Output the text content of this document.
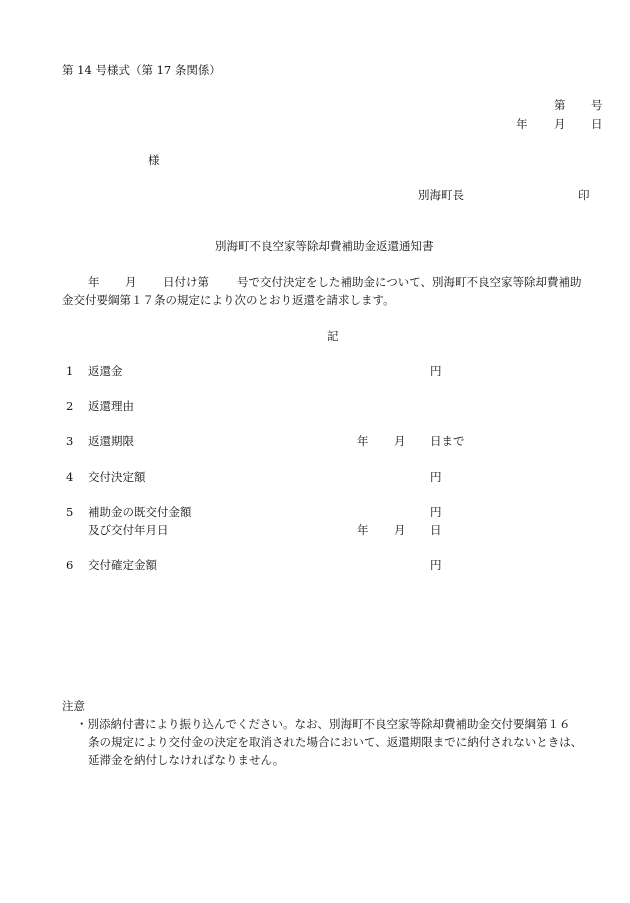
第 14 号様式（第 17 条関係）
第 号
年 月 日
様
別海町長	印
別海町不良空家等除却費補助金返還通知書
年 月 日付け第 号で交付決定をした補助金について、別海町不良空家等除却費補助
金交付要綱第１７条の規定により次のとおり返還を請求します。
記
1 返還金	円
2 返還理由
3 返還期限	年 月 日まで
4 交付決定額	円
5 補助金の既交付金額	円
及び交付年月日	年 月 日
6 交付確定金額	円
注意
・別添納付書により振り込んでください。なお、別海町不良空家等除却費補助金交付要綱第１６
条の規定により交付金の決定を取消された場合において、返還期限までに納付されないときは、
延滞金を納付しなければなりません。
